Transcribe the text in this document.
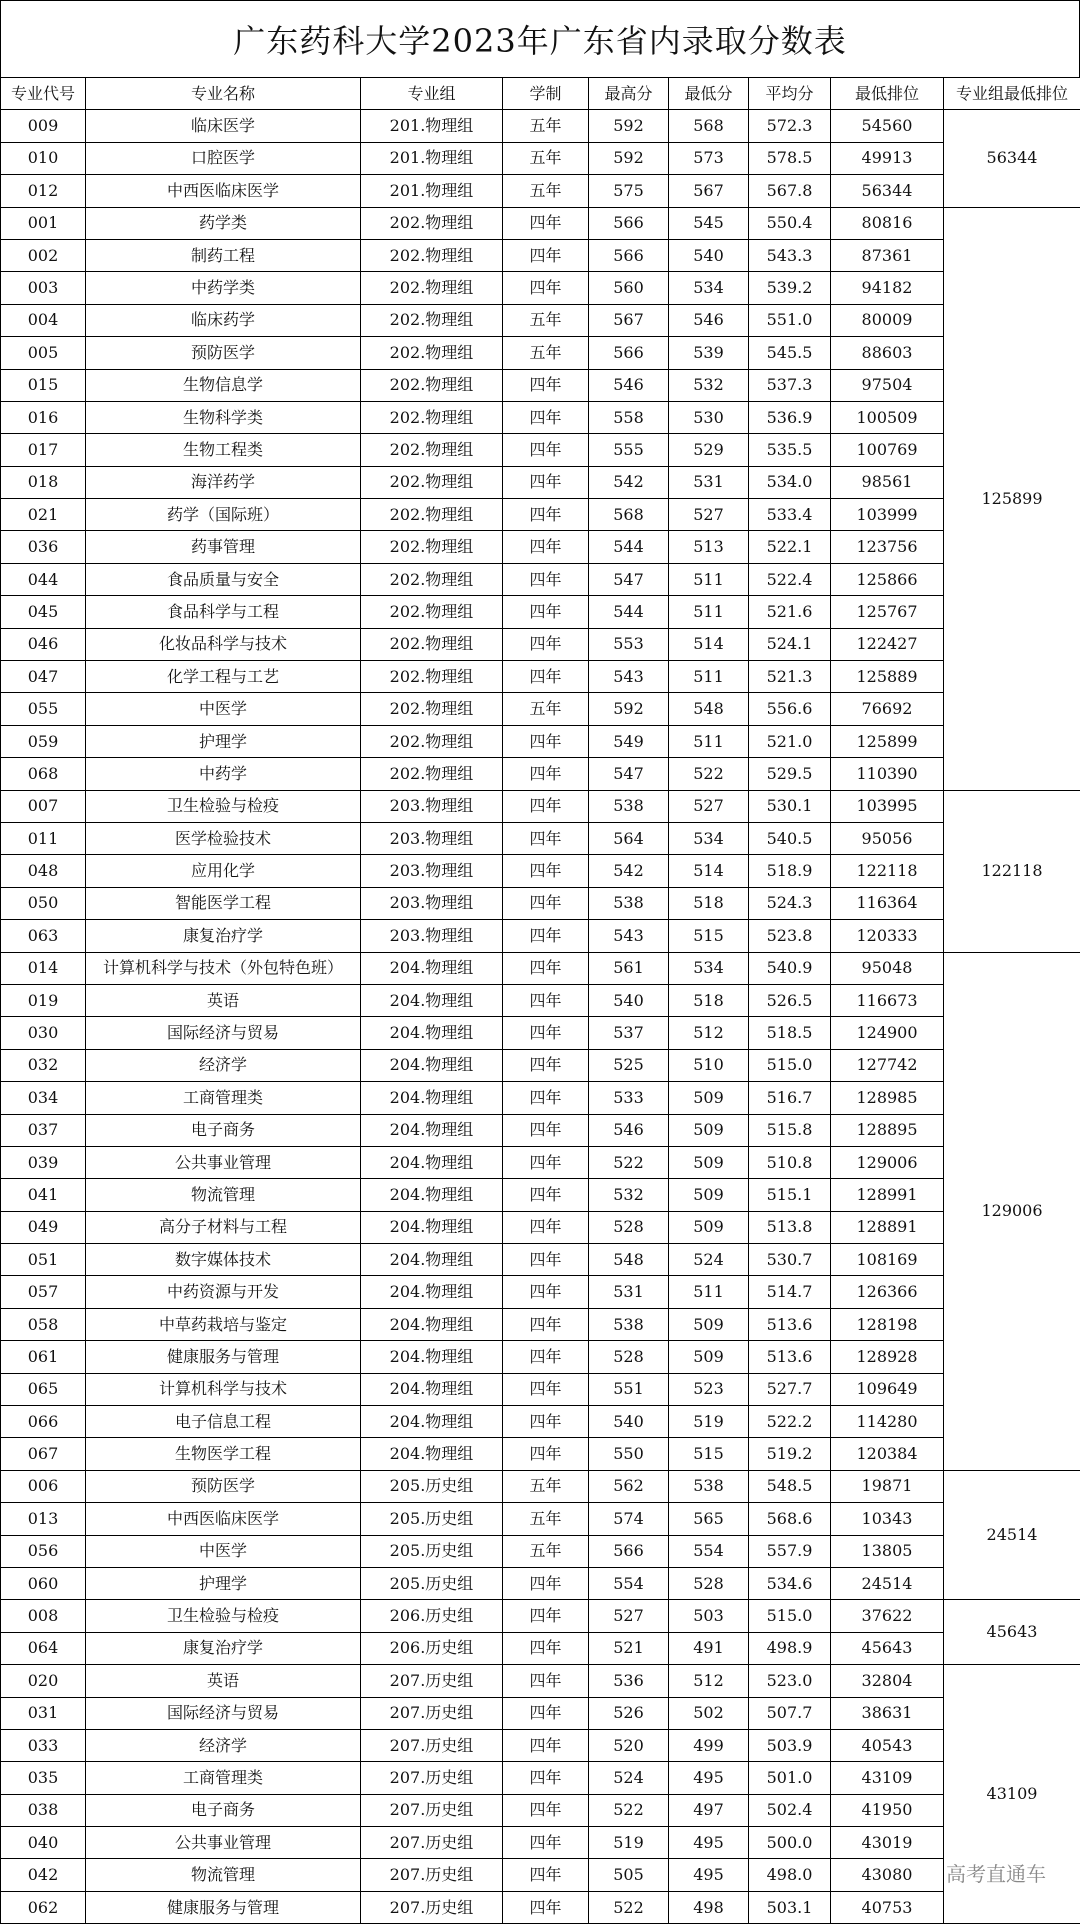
广东药科大学2023年广东省内录取分数表
专业代号	专业名称	专业组	学制	最高分	最低分	平均分	最低排位	专业组最低排位
009	临床医学	201.物理组	五年	592	568	572.3	54560	56344
010	口腔医学	201.物理组	五年	592	573	578.5	49913	
012	中西医临床医学	201.物理组	五年	575	567	567.8	56344	
001	药学类	202.物理组	四年	566	545	550.4	80816	125899
002	制药工程	202.物理组	四年	566	540	543.3	87361	
003	中药学类	202.物理组	四年	560	534	539.2	94182	
004	临床药学	202.物理组	五年	567	546	551.0	80009	
005	预防医学	202.物理组	五年	566	539	545.5	88603	
015	生物信息学	202.物理组	四年	546	532	537.3	97504	
016	生物科学类	202.物理组	四年	558	530	536.9	100509	
017	生物工程类	202.物理组	四年	555	529	535.5	100769	
018	海洋药学	202.物理组	四年	542	531	534.0	98561	
021	药学（国际班）	202.物理组	四年	568	527	533.4	103999	
036	药事管理	202.物理组	四年	544	513	522.1	123756	
044	食品质量与安全	202.物理组	四年	547	511	522.4	125866	
045	食品科学与工程	202.物理组	四年	544	511	521.6	125767	
046	化妆品科学与技术	202.物理组	四年	553	514	524.1	122427	
047	化学工程与工艺	202.物理组	四年	543	511	521.3	125889	
055	中医学	202.物理组	五年	592	548	556.6	76692	
059	护理学	202.物理组	四年	549	511	521.0	125899	
068	中药学	202.物理组	四年	547	522	529.5	110390	
007	卫生检验与检疫	203.物理组	四年	538	527	530.1	103995	122118
011	医学检验技术	203.物理组	四年	564	534	540.5	95056	
048	应用化学	203.物理组	四年	542	514	518.9	122118	
050	智能医学工程	203.物理组	四年	538	518	524.3	116364	
063	康复治疗学	203.物理组	四年	543	515	523.8	120333	
014	计算机科学与技术（外包特色班）	204.物理组	四年	561	534	540.9	95048	129006
019	英语	204.物理组	四年	540	518	526.5	116673	
030	国际经济与贸易	204.物理组	四年	537	512	518.5	124900	
032	经济学	204.物理组	四年	525	510	515.0	127742	
034	工商管理类	204.物理组	四年	533	509	516.7	128985	
037	电子商务	204.物理组	四年	546	509	515.8	128895	
039	公共事业管理	204.物理组	四年	522	509	510.8	129006	
041	物流管理	204.物理组	四年	532	509	515.1	128991	
049	高分子材料与工程	204.物理组	四年	528	509	513.8	128891	
051	数字媒体技术	204.物理组	四年	548	524	530.7	108169	
057	中药资源与开发	204.物理组	四年	531	511	514.7	126366	
058	中草药栽培与鉴定	204.物理组	四年	538	509	513.6	128198	
061	健康服务与管理	204.物理组	四年	528	509	513.6	128928	
065	计算机科学与技术	204.物理组	四年	551	523	527.7	109649	
066	电子信息工程	204.物理组	四年	540	519	522.2	114280	
067	生物医学工程	204.物理组	四年	550	515	519.2	120384	
006	预防医学	205.历史组	五年	562	538	548.5	19871	24514
013	中西医临床医学	205.历史组	五年	574	565	568.6	10343	
056	中医学	205.历史组	五年	566	554	557.9	13805	
060	护理学	205.历史组	四年	554	528	534.6	24514	
008	卫生检验与检疫	206.历史组	四年	527	503	515.0	37622	45643
064	康复治疗学	206.历史组	四年	521	491	498.9	45643	
020	英语	207.历史组	四年	536	512	523.0	32804	43109
031	国际经济与贸易	207.历史组	四年	526	502	507.7	38631	
033	经济学	207.历史组	四年	520	499	503.9	40543	
035	工商管理类	207.历史组	四年	524	495	501.0	43109	
038	电子商务	207.历史组	四年	522	497	502.4	41950	
040	公共事业管理	207.历史组	四年	519	495	500.0	43019	
042	物流管理	207.历史组	四年	505	495	498.0	43080	
062	健康服务与管理	207.历史组	四年	522	498	503.1	40753	
高考直通车
